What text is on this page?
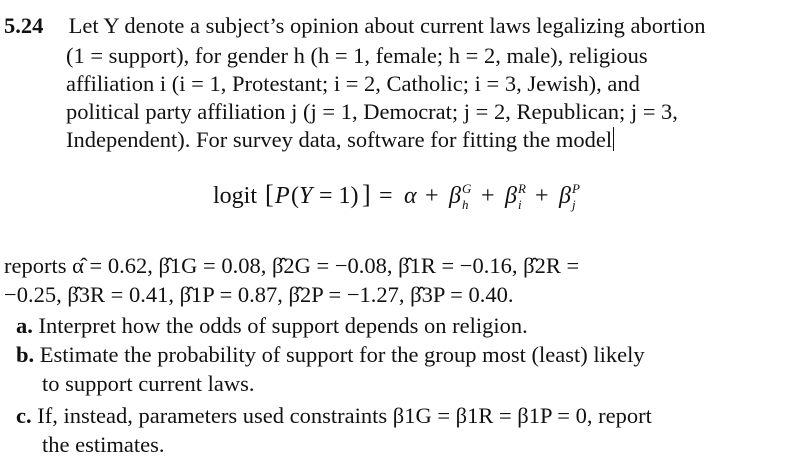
5.24 Let Y denote a subject’s opinion about current laws legalizing abortion
(1 = support), for gender h (h = 1, female; h = 2, male), religious
affiliation i (i = 1, Protestant; i = 2, Catholic; i = 3, Jewish), and
political party affiliation j (j = 1, Democrat; j = 2, Republican; j = 3,
Independent). For survey data, software for fitting the model
logit [ P ( Y = 1) ] = α + β G
h + β R
i + β P
j
reports α̂ = 0.62, β̂1G = 0.08, β̂2G = −0.08, β̂1R = −0.16, β̂2R =
−0.25, β̂3R = 0.41, β̂1P = 0.87, β̂2P = −1.27, β̂3P = 0.40.
a. Interpret how the odds of support depends on religion.
b. Estimate the probability of support for the group most (least) likely
to support current laws.
c. If, instead, parameters used constraints β1G = β1R = β1P = 0, report
the estimates.
